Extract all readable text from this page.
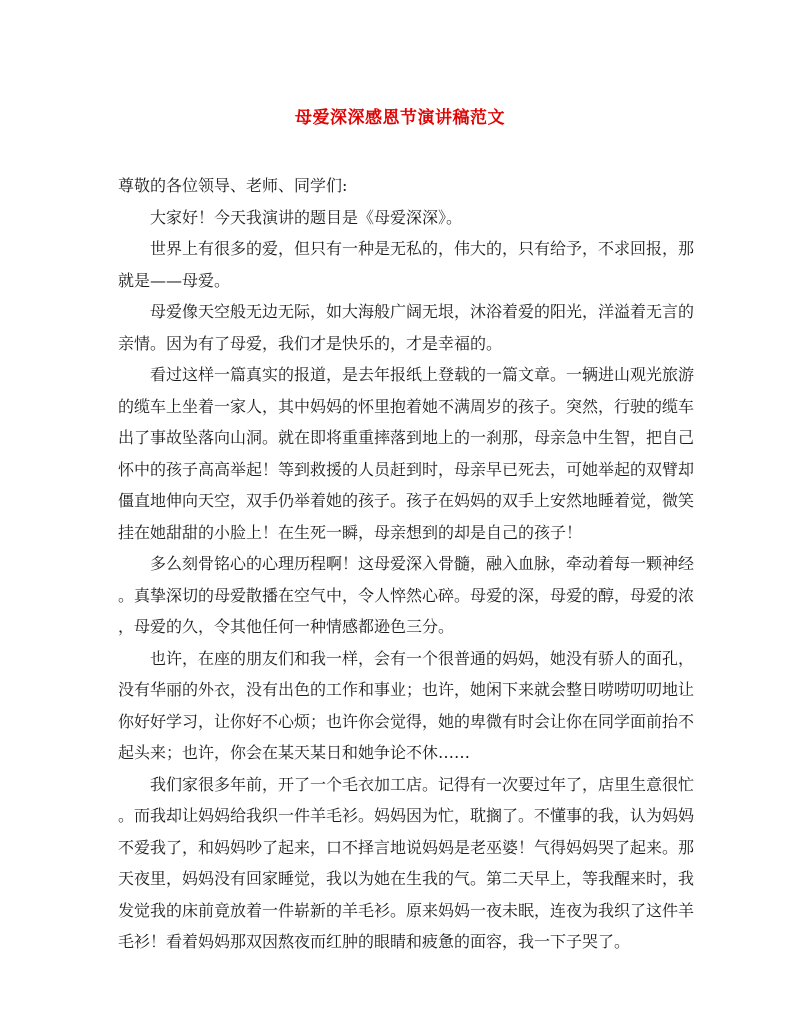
母爱深深感恩节演讲稿范文

尊敬的各位领导、老师、同学们:

大家好！今天我演讲的题目是《母爱深深》。
世界上有很多的爱，但只有一种是无私的，伟大的，只有给予，不求回报，那
就是——母爱。
母爱像天空般无边无际，如大海般广阔无垠，沐浴着爱的阳光，洋溢着无言的
亲情。因为有了母爱，我们才是快乐的，才是幸福的。
看过这样一篇真实的报道，是去年报纸上登载的一篇文章。一辆进山观光旅游
的缆车上坐着一家人，其中妈妈的怀里抱着她不满周岁的孩子。突然，行驶的缆车
出了事故坠落向山洞。就在即将重重摔落到地上的一刹那，母亲急中生智，把自己
怀中的孩子高高举起！等到救援的人员赶到时，母亲早已死去，可她举起的双臂却
僵直地伸向天空，双手仍举着她的孩子。孩子在妈妈的双手上安然地睡着觉，微笑
挂在她甜甜的小脸上！在生死一瞬，母亲想到的却是自己的孩子！
多么刻骨铭心的心理历程啊！这母爱深入骨髓，融入血脉，牵动着每一颗神经
。真挚深切的母爱散播在空气中，令人悴然心碎。母爱的深，母爱的醇，母爱的浓
，母爱的久，令其他任何一种情感都逊色三分。
也许，在座的朋友们和我一样，会有一个很普通的妈妈，她没有骄人的面孔，
没有华丽的外衣，没有出色的工作和事业；也许，她闲下来就会整日唠唠叨叨地让
你好好学习，让你好不心烦；也许你会觉得，她的卑微有时会让你在同学面前抬不
起头来；也许，你会在某天某日和她争论不休……
我们家很多年前，开了一个毛衣加工店。记得有一次要过年了，店里生意很忙
。而我却让妈妈给我织一件羊毛衫。妈妈因为忙，耽搁了。不懂事的我，认为妈妈
不爱我了，和妈妈吵了起来，口不择言地说妈妈是老巫婆！气得妈妈哭了起来。那
天夜里，妈妈没有回家睡觉，我以为她在生我的气。第二天早上，等我醒来时，我
发觉我的床前竟放着一件崭新的羊毛衫。原来妈妈一夜未眠，连夜为我织了这件羊
毛衫！看着妈妈那双因熬夜而红肿的眼睛和疲惫的面容，我一下子哭了。
